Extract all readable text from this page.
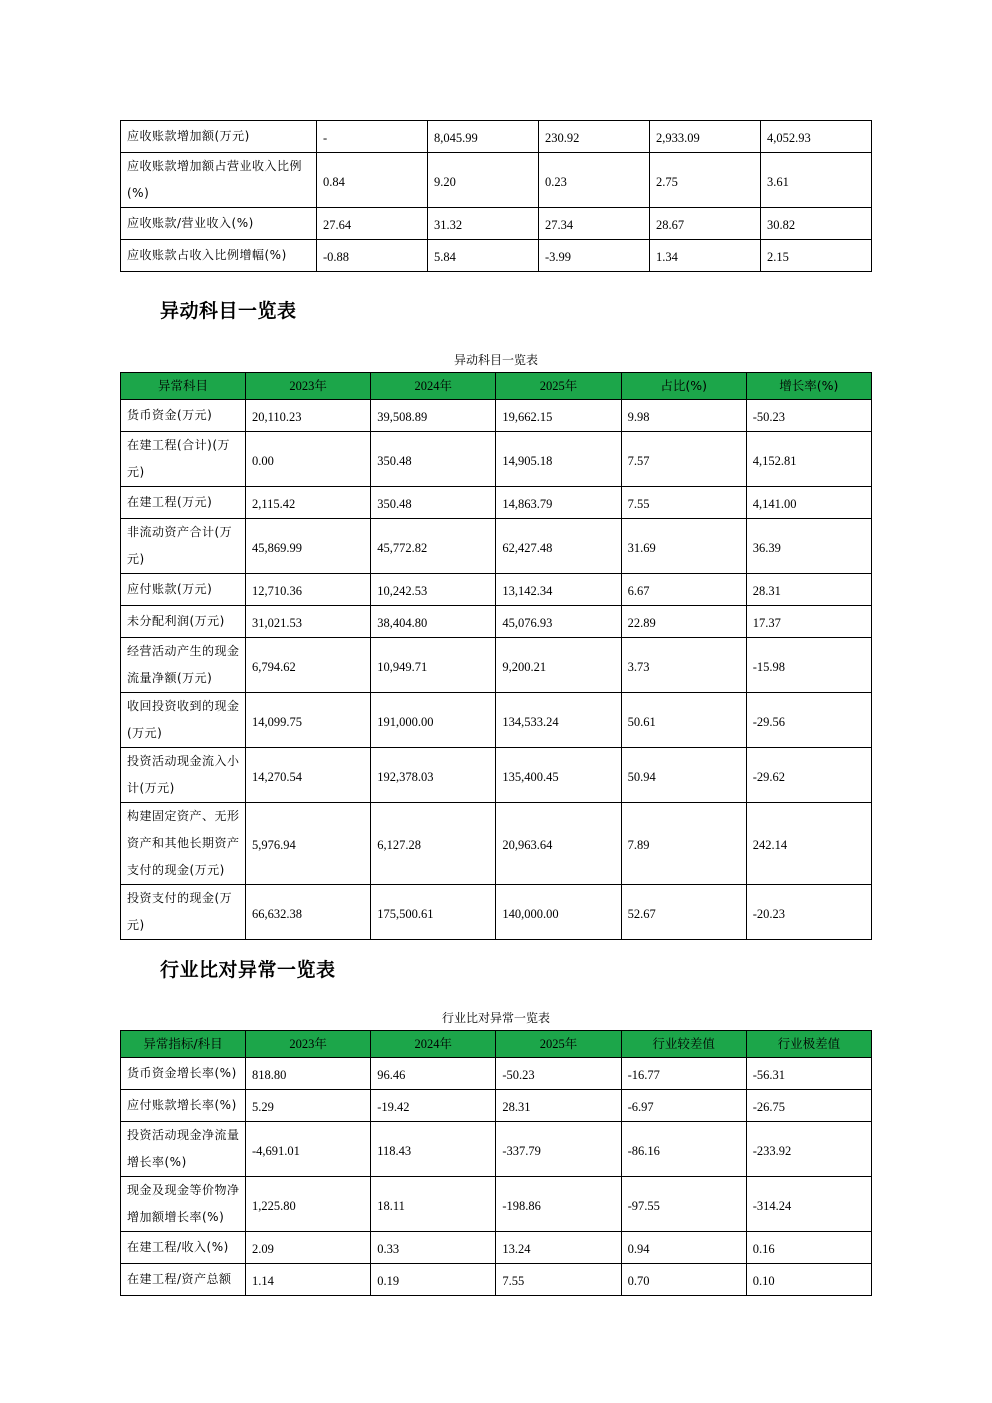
应收账款增加额(万元)	-	8,045.99	230.92	2,933.09	4,052.93
应收账款增加额占营业收入比例(%)	0.84	9.20	0.23	2.75	3.61
应收账款/营业收入(%)	27.64	31.32	27.34	28.67	30.82
应收账款占收入比例增幅(%)	-0.88	5.84	-3.99	1.34	2.15
异动科目一览表
异动科目一览表
异常科目	2023年	2024年	2025年	占比(%)	增长率(%)
货币资金(万元)	20,110.23	39,508.89	19,662.15	9.98	-50.23
在建工程(合计)(万元)	0.00	350.48	14,905.18	7.57	4,152.81
在建工程(万元)	2,115.42	350.48	14,863.79	7.55	4,141.00
非流动资产合计(万元)	45,869.99	45,772.82	62,427.48	31.69	36.39
应付账款(万元)	12,710.36	10,242.53	13,142.34	6.67	28.31
未分配利润(万元)	31,021.53	38,404.80	45,076.93	22.89	17.37
经营活动产生的现金流量净额(万元)	6,794.62	10,949.71	9,200.21	3.73	-15.98
收回投资收到的现金(万元)	14,099.75	191,000.00	134,533.24	50.61	-29.56
投资活动现金流入小计(万元)	14,270.54	192,378.03	135,400.45	50.94	-29.62
构建固定资产、无形资产和其他长期资产支付的现金(万元)	5,976.94	6,127.28	20,963.64	7.89	242.14
投资支付的现金(万元)	66,632.38	175,500.61	140,000.00	52.67	-20.23
行业比对异常一览表
行业比对异常一览表
异常指标/科目	2023年	2024年	2025年	行业较差值	行业极差值
货币资金增长率(%)	818.80	96.46	-50.23	-16.77	-56.31
应付账款增长率(%)	5.29	-19.42	28.31	-6.97	-26.75
投资活动现金净流量增长率(%)	-4,691.01	118.43	-337.79	-86.16	-233.92
现金及现金等价物净增加额增长率(%)	1,225.80	18.11	-198.86	-97.55	-314.24
在建工程/收入(%)	2.09	0.33	13.24	0.94	0.16
在建工程/资产总额	1.14	0.19	7.55	0.70	0.10
